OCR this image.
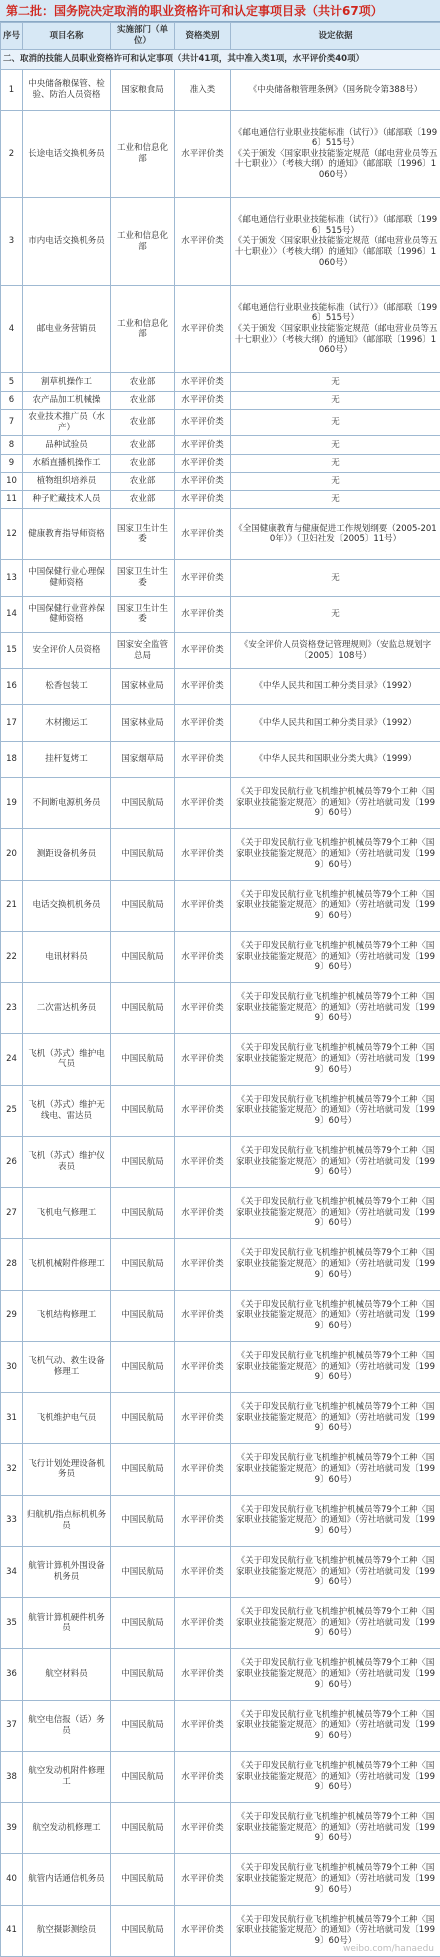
第二批：国务院决定取消的职业资格许可和认定事项目录（共计67项）
序号	项目名称	实施部门（单位）	资格类别	设定依据
二、取消的技能人员职业资格许可和认定事项（共计41项，其中准入类1项，水平评价类40项）				
1	中央储备粮保管、检验、防治人员资格	国家粮食局	准入类	《中央储备粮管理条例》（国务院令第388号）
2	长途电话交换机务员	工业和信息化部	水平评价类	《邮电通信行业职业技能标准（试行）》（邮部联〔1996〕515号）
《关于颁发〈国家职业技能鉴定规范（邮电营业员等五十七职业）〉（考核大纲）的通知》（邮部联〔1996〕1060号）
3	市内电话交换机务员	工业和信息化部	水平评价类	《邮电通信行业职业技能标准（试行）》（邮部联〔1996〕515号）
《关于颁发〈国家职业技能鉴定规范（邮电营业员等五十七职业）〉（考核大纲）的通知》（邮部联〔1996〕1060号）
4	邮电业务营销员	工业和信息化部	水平评价类	《邮电通信行业职业技能标准（试行）》（邮部联〔1996〕515号）
《关于颁发〈国家职业技能鉴定规范（邮电营业员等五十七职业）〉（考核大纲）的通知》（邮部联〔1996〕1060号）
5	割草机操作工	农业部	水平评价类	无
6	农产品加工机械操	农业部	水平评价类	无
7	农业技术推广员（水产）	农业部	水平评价类	无
8	品种试验员	农业部	水平评价类	无
9	水稻直播机操作工	农业部	水平评价类	无
10	植物组织培养员	农业部	水平评价类	无
11	种子贮藏技术人员	农业部	水平评价类	无
12	健康教育指导师资格	国家卫生计生委	水平评价类	《全国健康教育与健康促进工作规划纲要（2005-2010年）》（卫妇社发〔2005〕11号）
13	中国保健行业心理保健师资格	国家卫生计生委	水平评价类	无
14	中国保健行业营养保健师资格	国家卫生计生委	水平评价类	无
15	安全评价人员资格	国家安全监管总局	水平评价类	《安全评价人员资格登记管理规则》（安监总规划字〔2005〕108号）
16	松香包装工	国家林业局	水平评价类	《中华人民共和国工种分类目录》（1992）
17	木材搬运工	国家林业局	水平评价类	《中华人民共和国工种分类目录》（1992）
18	挂杆复烤工	国家烟草局	水平评价类	《中华人民共和国职业分类大典》（1999）
19	不间断电源机务员	中国民航局	水平评价类	《关于印发民航行业飞机维护机械员等79个工种〈国家职业技能鉴定规范〉的通知》（劳社培就司发〔1999〕60号）
20	测距设备机务员	中国民航局	水平评价类	《关于印发民航行业飞机维护机械员等79个工种〈国家职业技能鉴定规范〉的通知》（劳社培就司发〔1999〕60号）
21	电话交换机机务员	中国民航局	水平评价类	《关于印发民航行业飞机维护机械员等79个工种〈国家职业技能鉴定规范〉的通知》（劳社培就司发〔1999〕60号）
22	电讯材料员	中国民航局	水平评价类	《关于印发民航行业飞机维护机械员等79个工种〈国家职业技能鉴定规范〉的通知》（劳社培就司发〔1999〕60号）
23	二次雷达机务员	中国民航局	水平评价类	《关于印发民航行业飞机维护机械员等79个工种〈国家职业技能鉴定规范〉的通知》（劳社培就司发〔1999〕60号）
24	飞机（苏式）维护电气员	中国民航局	水平评价类	《关于印发民航行业飞机维护机械员等79个工种〈国家职业技能鉴定规范〉的通知》（劳社培就司发〔1999〕60号）
25	飞机（苏式）维护无线电、雷达员	中国民航局	水平评价类	《关于印发民航行业飞机维护机械员等79个工种〈国家职业技能鉴定规范〉的通知》（劳社培就司发〔1999〕60号）
26	飞机（苏式）维护仪表员	中国民航局	水平评价类	《关于印发民航行业飞机维护机械员等79个工种〈国家职业技能鉴定规范〉的通知》（劳社培就司发〔1999〕60号）
27	飞机电气修理工	中国民航局	水平评价类	《关于印发民航行业飞机维护机械员等79个工种〈国家职业技能鉴定规范〉的通知》（劳社培就司发〔1999〕60号）
28	飞机机械附件修理工	中国民航局	水平评价类	《关于印发民航行业飞机维护机械员等79个工种〈国家职业技能鉴定规范〉的通知》（劳社培就司发〔1999〕60号）
29	飞机结构修理工	中国民航局	水平评价类	《关于印发民航行业飞机维护机械员等79个工种〈国家职业技能鉴定规范〉的通知》（劳社培就司发〔1999〕60号）
30	飞机气动、救生设备修理工	中国民航局	水平评价类	《关于印发民航行业飞机维护机械员等79个工种〈国家职业技能鉴定规范〉的通知》（劳社培就司发〔1999〕60号）
31	飞机维护电气员	中国民航局	水平评价类	《关于印发民航行业飞机维护机械员等79个工种〈国家职业技能鉴定规范〉的通知》（劳社培就司发〔1999〕60号）
32	飞行计划处理设备机务员	中国民航局	水平评价类	《关于印发民航行业飞机维护机械员等79个工种〈国家职业技能鉴定规范〉的通知》（劳社培就司发〔1999〕60号）
33	归航机/指点标机机务员	中国民航局	水平评价类	《关于印发民航行业飞机维护机械员等79个工种〈国家职业技能鉴定规范〉的通知》（劳社培就司发〔1999〕60号）
34	航管计算机外围设备机务员	中国民航局	水平评价类	《关于印发民航行业飞机维护机械员等79个工种〈国家职业技能鉴定规范〉的通知》（劳社培就司发〔1999〕60号）
35	航管计算机硬件机务员	中国民航局	水平评价类	《关于印发民航行业飞机维护机械员等79个工种〈国家职业技能鉴定规范〉的通知》（劳社培就司发〔1999〕60号）
36	航空材料员	中国民航局	水平评价类	《关于印发民航行业飞机维护机械员等79个工种〈国家职业技能鉴定规范〉的通知》（劳社培就司发〔1999〕60号）
37	航空电信报（话）务员	中国民航局	水平评价类	《关于印发民航行业飞机维护机械员等79个工种〈国家职业技能鉴定规范〉的通知》（劳社培就司发〔1999〕60号）
38	航空发动机附件修理工	中国民航局	水平评价类	《关于印发民航行业飞机维护机械员等79个工种〈国家职业技能鉴定规范〉的通知》（劳社培就司发〔1999〕60号）
39	航空发动机修理工	中国民航局	水平评价类	《关于印发民航行业飞机维护机械员等79个工种〈国家职业技能鉴定规范〉的通知》（劳社培就司发〔1999〕60号）
40	航管内话通信机务员	中国民航局	水平评价类	《关于印发民航行业飞机维护机械员等79个工种〈国家职业技能鉴定规范〉的通知》（劳社培就司发〔1999〕60号）
41	航空摄影测绘员	中国民航局	水平评价类	《关于印发民航行业飞机维护机械员等79个工种〈国家职业技能鉴定规范〉的通知》（劳社培就司发〔1999〕60号）
weibo.com/hanaedu
